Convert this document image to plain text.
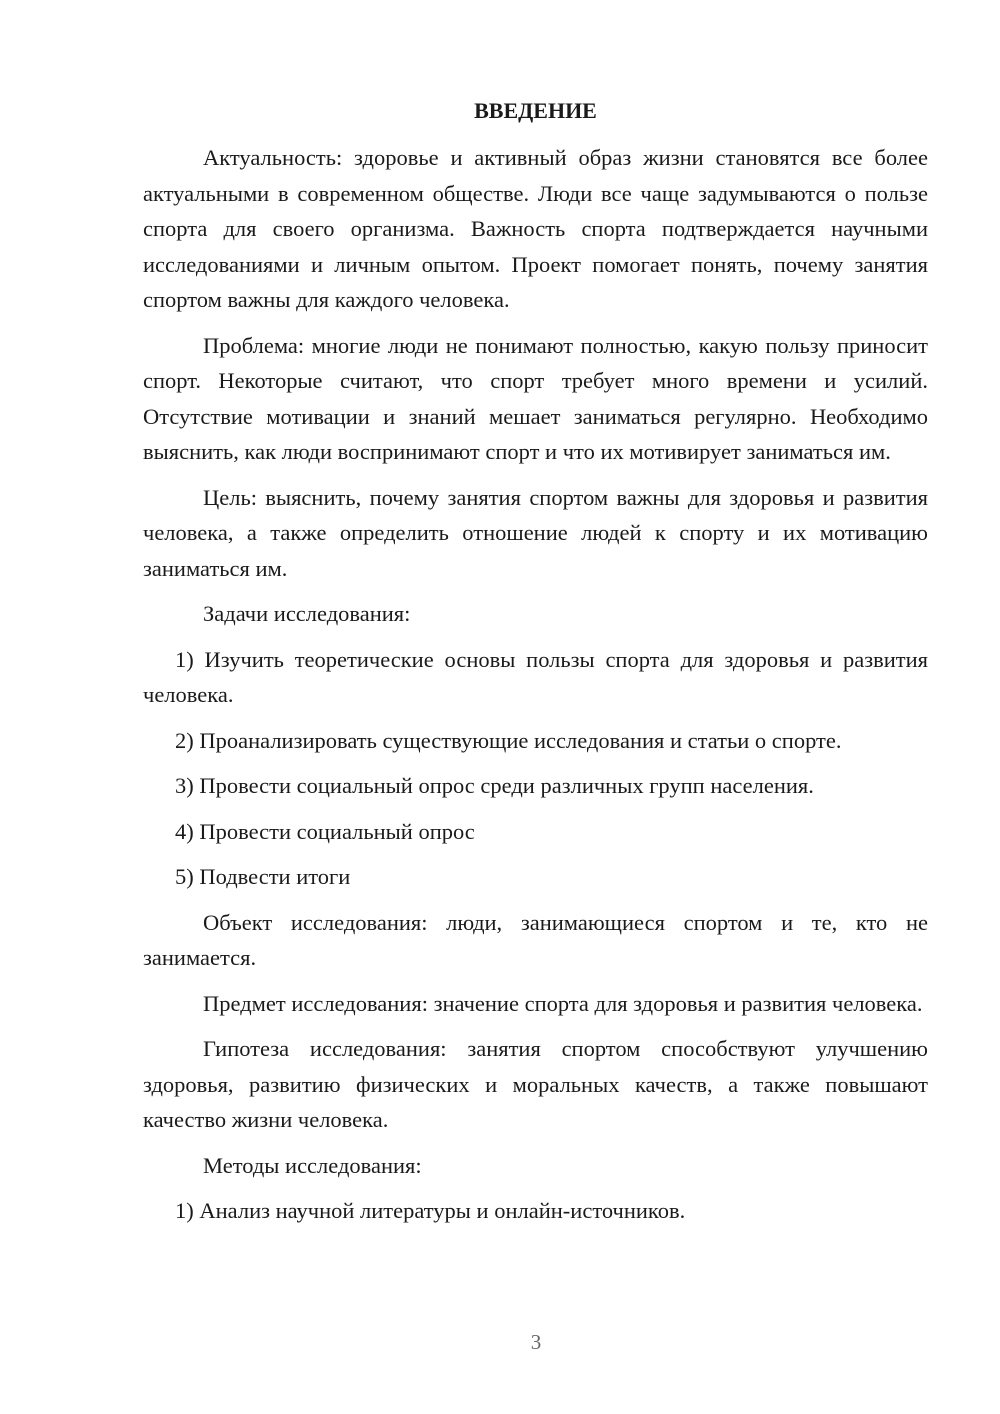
ВВЕДЕНИЕ

Актуальность: здоровье и активный образ жизни становятся все более актуальными в современном обществе. Люди все чаще задумываются о пользе спорта для своего организма. Важность спорта подтверждается научными исследованиями и личным опытом. Проект помогает понять, почему занятия спортом важны для каждого человека.

Проблема: многие люди не понимают полностью, какую пользу приносит спорт. Некоторые считают, что спорт требует много времени и усилий. Отсутствие мотивации и знаний мешает заниматься регулярно. Необходимо выяснить, как люди воспринимают спорт и что их мотивирует заниматься им.

Цель: выяснить, почему занятия спортом важны для здоровья и развития человека, а также определить отношение людей к спорту и их мотивацию заниматься им.

Задачи исследования:

1) Изучить теоретические основы пользы спорта для здоровья и развития человека.

2) Проанализировать существующие исследования и статьи о спорте.

3) Провести социальный опрос среди различных групп населения.

4) Провести социальный опрос

5) Подвести итоги

Объект исследования: люди, занимающиеся спортом и те, кто не занимается.

Предмет исследования: значение спорта для здоровья и развития человека.

Гипотеза исследования: занятия спортом способствуют улучшению здоровья, развитию физических и моральных качеств, а также повышают качество жизни человека.

Методы исследования:

1) Анализ научной литературы и онлайн-источников.

3
